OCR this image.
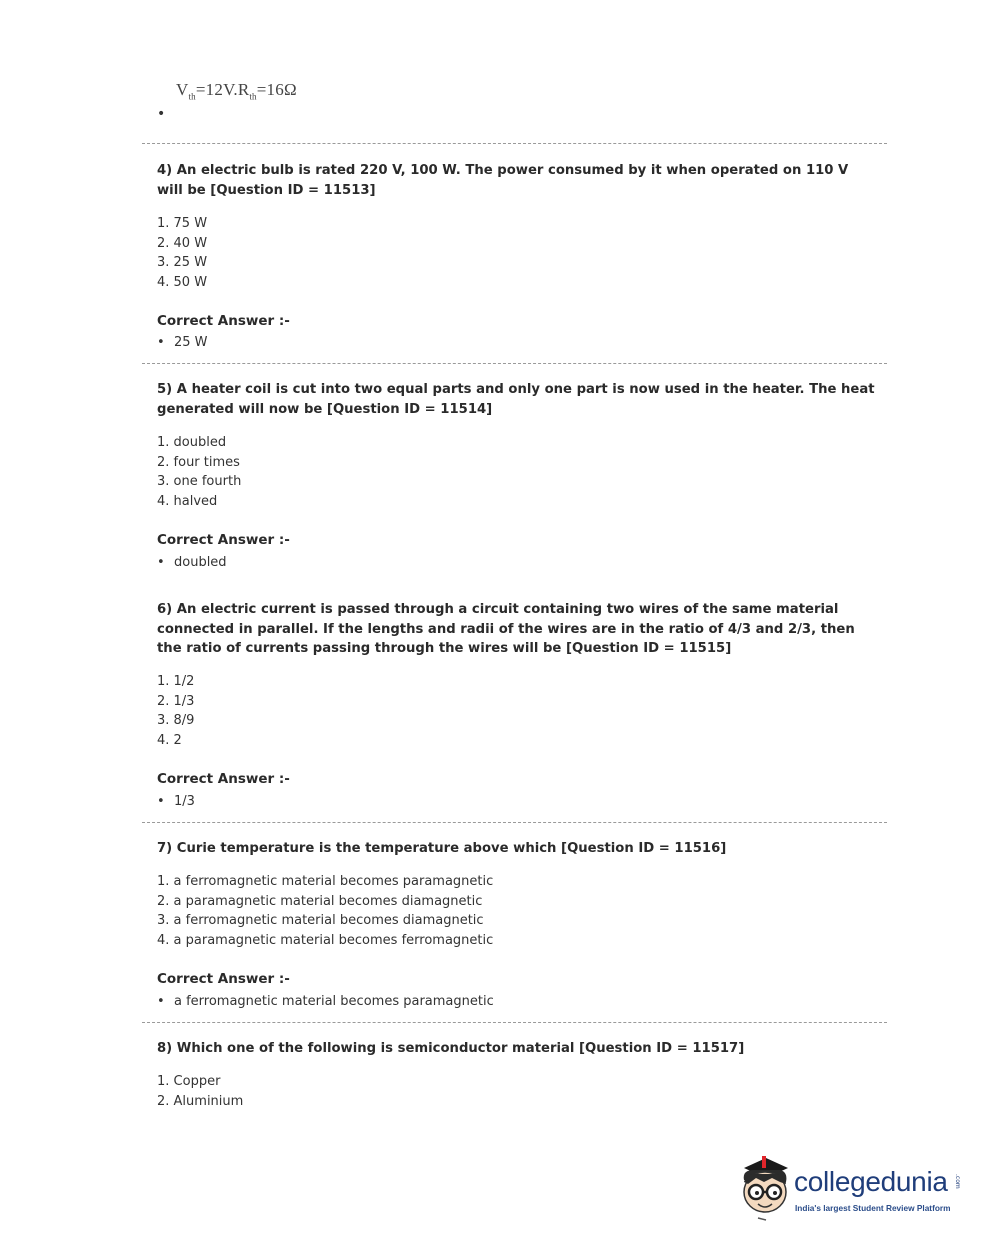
$V_{th}=12V.R_{th}=16\Omega$
•
4) An electric bulb is rated 220 V, 100 W. The power consumed by it when operated on 110 V will be [Question ID = 11513]
1. 75 W
2. 40 W
3. 25 W
4. 50 W
Correct Answer :-
• 25 W
5) A heater coil is cut into two equal parts and only one part is now used in the heater. The heat generated will now be [Question ID = 11514]
1. doubled
2. four times
3. one fourth
4. halved
Correct Answer :-
• doubled
6) An electric current is passed through a circuit containing two wires of the same material connected in parallel. If the lengths and radii of the wires are in the ratio of 4/3 and 2/3, then the ratio of currents passing through the wires will be [Question ID = 11515]
1. 1/2
2. 1/3
3. 8/9
4. 2
Correct Answer :-
• 1/3
7) Curie temperature is the temperature above which [Question ID = 11516]
1. a ferromagnetic material becomes paramagnetic
2. a paramagnetic material becomes diamagnetic
3. a ferromagnetic material becomes diamagnetic
4. a paramagnetic material becomes ferromagnetic
Correct Answer :-
• a ferromagnetic material becomes paramagnetic
8) Which one of the following is semiconductor material [Question ID = 11517]
1. Copper
2. Aluminium
collegedunia .com
India's largest Student Review Platform
